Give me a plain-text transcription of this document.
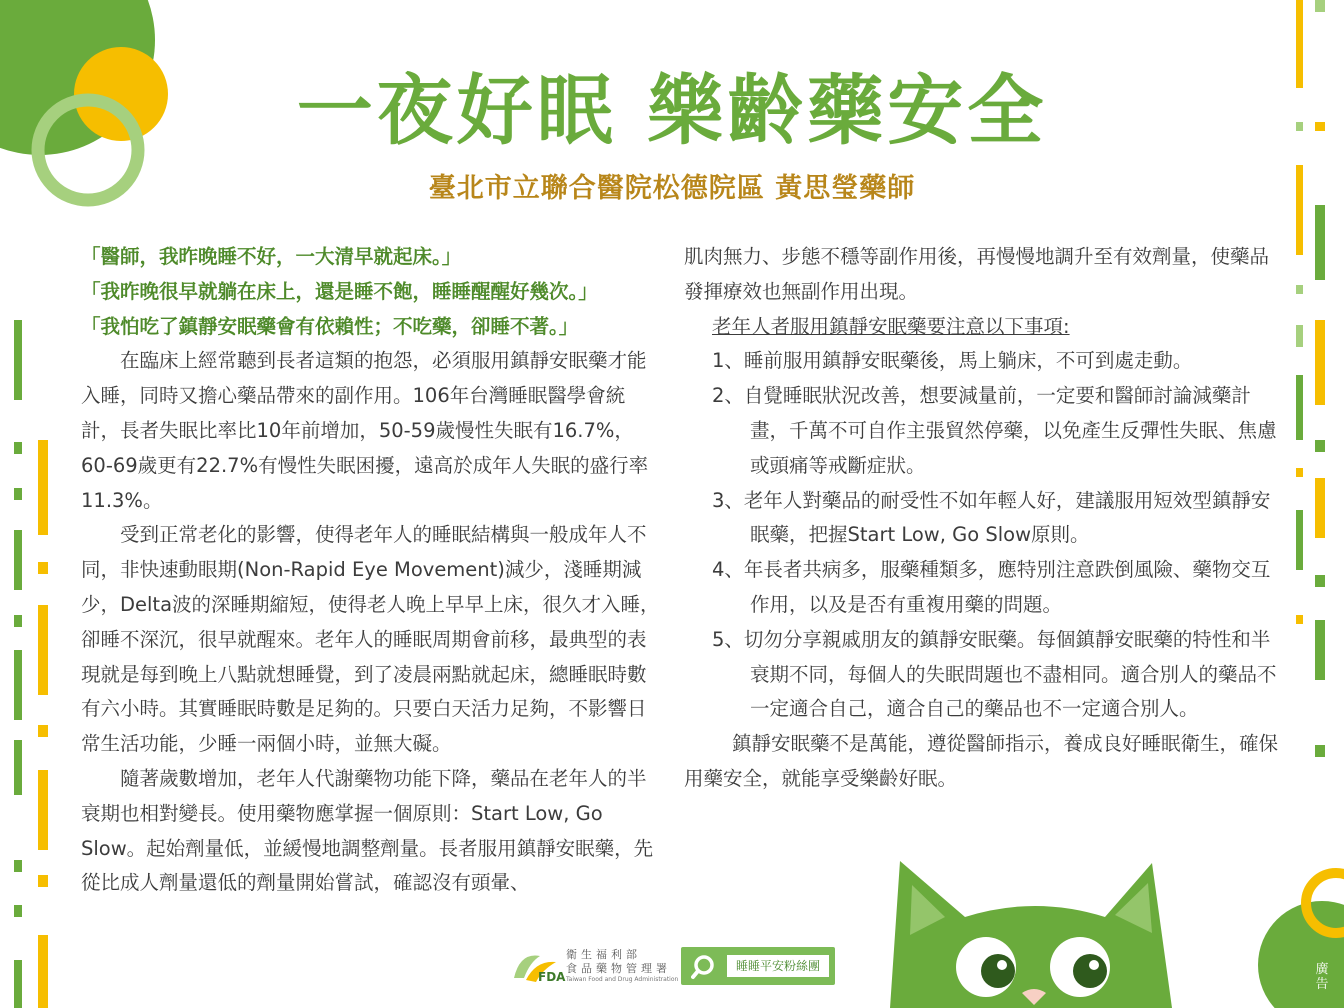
一夜好眠 樂齡藥安全
臺北市立聯合醫院松德院區 黃思瑩藥師

「醫師，我昨晚睡不好，一大清早就起床。」

「我昨晚很早就躺在床上，還是睡不飽，睡睡醒醒好幾次。」

「我怕吃了鎮靜安眠藥會有依賴性；不吃藥，卻睡不著。」

在臨床上經常聽到長者這類的抱怨，必須服用鎮靜安眠藥才能入睡，同時又擔心藥品帶來的副作用。106年台灣睡眠醫學會統計，長者失眠比率比10年前增加，50-59歲慢性失眠有16.7%，60-69歲更有22.7%有慢性失眠困擾，遠高於成年人失眠的盛行率 11.3%。

受到正常老化的影響，使得老年人的睡眠結構與一般成年人不同，非快速動眼期(Non-Rapid Eye Movement)減少，淺睡期減少，Delta波的深睡期縮短，使得老人晚上早早上床，很久才入睡，卻睡不深沉，很早就醒來。老年人的睡眠周期會前移，最典型的表現就是每到晚上八點就想睡覺，到了凌晨兩點就起床，總睡眠時數有六小時。其實睡眠時數是足夠的。只要白天活力足夠，不影響日常生活功能，少睡一兩個小時，並無大礙。

隨著歲數增加，老年人代謝藥物功能下降，藥品在老年人的半衰期也相對變長。使用藥物應掌握一個原則：Start Low, Go Slow。起始劑量低，並緩慢地調整劑量。長者服用鎮靜安眠藥，先從比成人劑量還低的劑量開始嘗試，確認沒有頭暈、

肌肉無力、步態不穩等副作用後，再慢慢地調升至有效劑量，使藥品發揮療效也無副作用出現。

老年人者服用鎮靜安眠藥要注意以下事項:

1、睡前服用鎮靜安眠藥後，馬上躺床，不可到處走動。

2、自覺睡眠狀況改善，想要減量前，一定要和醫師討論減藥計畫，千萬不可自作主張貿然停藥，以免產生反彈性失眠、焦慮或頭痛等戒斷症狀。

3、老年人對藥品的耐受性不如年輕人好，建議服用短效型鎮靜安眠藥，把握Start Low, Go Slow原則。

4、年長者共病多，服藥種類多，應特別注意跌倒風險、藥物交互作用，以及是否有重複用藥的問題。

5、切勿分享親戚朋友的鎮靜安眠藥。每個鎮靜安眠藥的特性和半衰期不同，每個人的失眠問題也不盡相同。適合別人的藥品不一定適合自己，適合自己的藥品也不一定適合別人。

鎮靜安眠藥不是萬能，遵從醫師指示，養成良好睡眠衛生，確保用藥安全，就能享受樂齡好眠。

FDA
衛生福利部
食品藥物管理署
Taiwan Food and Drug Administration
睡睡平安粉絲團	廣告
